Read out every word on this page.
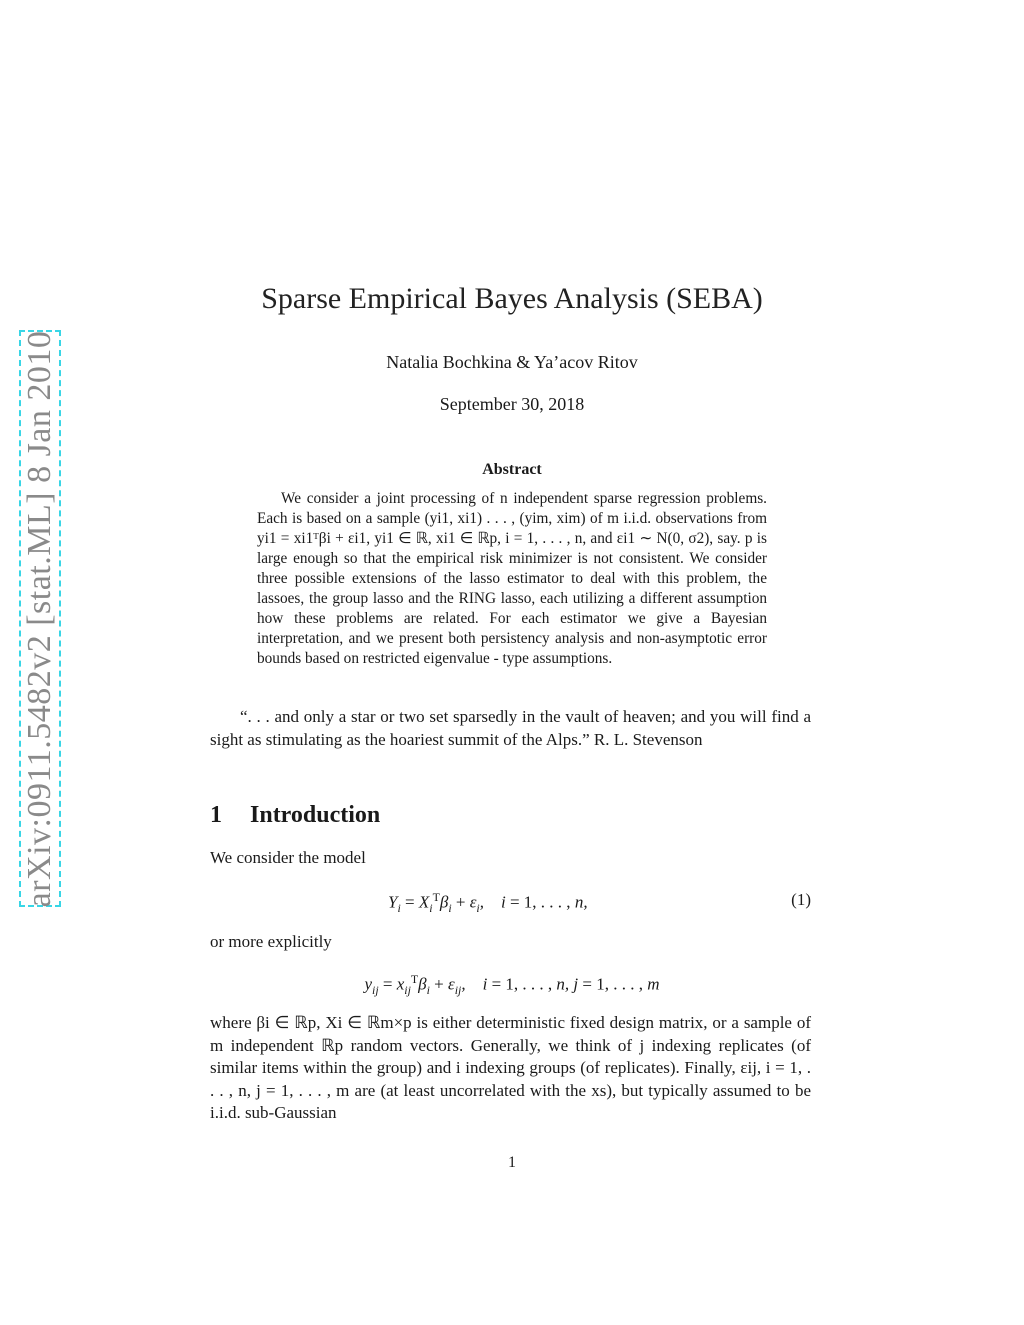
arXiv:0911.5482v2 [stat.ML] 8 Jan 2010
Sparse Empirical Bayes Analysis (SEBA)
Natalia Bochkina & Ya’acov Ritov
September 30, 2018
Abstract
We consider a joint processing of n independent sparse regression problems. Each is based on a sample (yi1, xi1) . . . , (yim, xim) of m i.i.d. observations from yi1 = xi1ᵀβi + εi1, yi1 ∈ ℝ, xi1 ∈ ℝp, i = 1, . . . , n, and εi1 ∼ N(0, σ2), say. p is large enough so that the empirical risk minimizer is not consistent. We consider three possible extensions of the lasso estimator to deal with this problem, the lassoes, the group lasso and the RING lasso, each utilizing a different assumption how these problems are related. For each estimator we give a Bayesian interpretation, and we present both persistency analysis and non-asymptotic error bounds based on restricted eigenvalue - type assumptions.
“. . . and only a star or two set sparsedly in the vault of heaven; and you will find a sight as stimulating as the hoariest summit of the Alps.” R. L. Stevenson
1 Introduction
We consider the model
$Y_i = X_i^T\beta_i + \varepsilon_i$,    i = 1, . . . , n,	(1)
or more explicitly
$y_{ij} = x_{ij}^T\beta_i + \varepsilon_{ij}$,    i = 1, . . . , n, j = 1, . . . , m
where βi ∈ ℝp, Xi ∈ ℝm×p is either deterministic fixed design matrix, or a sample of m independent ℝp random vectors. Generally, we think of j indexing replicates (of similar items within the group) and i indexing groups (of replicates). Finally, εij, i = 1, . . . , n, j = 1, . . . , m are (at least uncorrelated with the xs), but typically assumed to be i.i.d. sub-Gaussian
1
